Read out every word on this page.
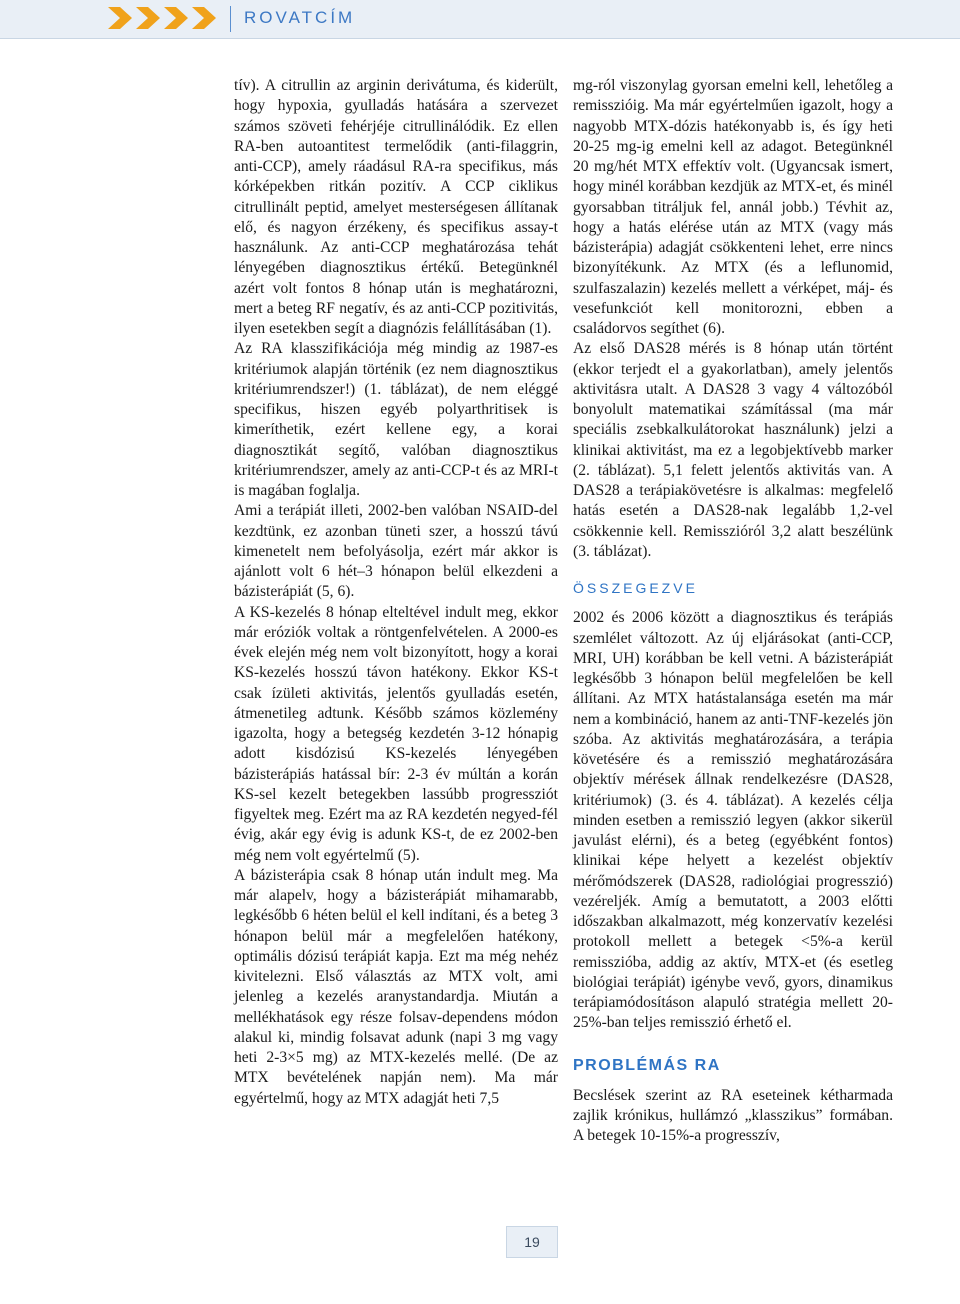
ROVATCÍM

tív). A citrullin az arginin derivátuma, és kiderült, hogy hypoxia, gyulladás hatására a szervezet számos szöveti fehérjéje citrullinálódik. Ez ellen RA-ben autoantitest termelődik (anti-filaggrin, anti-CCP), amely ráadásul RA-ra specifikus, más kórképekben ritkán pozitív. A CCP ciklikus citrullinált peptid, amelyet mesterségesen állítanak elő, és nagyon érzékeny, és specifikus assay-t használunk. Az anti-CCP meghatározása tehát lényegében diagnosztikus értékű. Betegünknél azért volt fontos 8 hónap után is meghatározni, mert a beteg RF negatív, és az anti-CCP pozitivitás, ilyen esetekben segít a diagnózis felállításában (1).

Az RA klasszifikációja még mindig az 1987-es kritériumok alapján történik (ez nem diagnosztikus kritériumrendszer!) (1. táblázat), de nem eléggé specifikus, hiszen egyéb polyarthritisek is kimeríthetik, ezért kellene egy, a korai diagnosztikát segítő, valóban diagnosztikus kritériumrendszer, amely az anti-CCP-t és az MRI-t is magában foglalja.

Ami a terápiát illeti, 2002-ben valóban NSAID-del kezdtünk, ez azonban tüneti szer, a hosszú távú kimenetelt nem befolyásolja, ezért már akkor is ajánlott volt 6 hét–3 hónapon belül elkezdeni a bázisterápiát (5, 6).

A KS-kezelés 8 hónap elteltével indult meg, ekkor már eróziók voltak a röntgenfelvételen. A 2000-es évek elején még nem volt bizonyított, hogy a korai KS-kezelés hosszú távon hatékony. Ekkor KS-t csak ízületi aktivitás, jelentős gyulladás esetén, átmenetileg adtunk. Később számos közlemény igazolta, hogy a betegség kezdetén 3-12 hónapig adott kisdózisú KS-kezelés lényegében bázisterápiás hatással bír: 2-3 év múltán a korán KS-sel kezelt betegekben lassúbb progressziót figyeltek meg. Ezért ma az RA kezdetén negyed-fél évig, akár egy évig is adunk KS-t, de ez 2002-ben még nem volt egyértelmű (5).

A bázisterápia csak 8 hónap után indult meg. Ma már alapelv, hogy a bázisterápiát mihamarabb, legkésőbb 6 héten belül el kell indítani, és a beteg 3 hónapon belül már a megfelelően hatékony, optimális dózisú terápiát kapja. Ezt ma még nehéz kivitelezni. Első választás az MTX volt, ami jelenleg a kezelés aranystandardja. Miután a mellékhatások egy része folsav-dependens módon alakul ki, mindig folsavat adunk (napi 3 mg vagy heti 2-3×5 mg) az MTX-kezelés mellé. (De az MTX bevételének napján nem). Ma már egyértelmű, hogy az MTX adagját heti 7,5

mg-ról viszonylag gyorsan emelni kell, lehetőleg a remisszióig. Ma már egyértelműen igazolt, hogy a nagyobb MTX-dózis hatékonyabb is, és így heti 20-25 mg-ig emelni kell az adagot. Betegünknél 20 mg/hét MTX effektív volt. (Ugyancsak ismert, hogy minél korábban kezdjük az MTX-et, és minél gyorsabban titráljuk fel, annál jobb.) Tévhit az, hogy a hatás elérése után az MTX (vagy más bázisterápia) adagját csökkenteni lehet, erre nincs bizonyítékunk. Az MTX (és a leflunomid, szulfaszalazin) kezelés mellett a vérképet, máj- és vesefunkciót kell monitorozni, ebben a családorvos segíthet (6).

Az első DAS28 mérés is 8 hónap után történt (ekkor terjedt el a gyakorlatban), amely jelentős aktivitásra utalt. A DAS28 3 vagy 4 változóból bonyolult matematikai számítással (ma már speciális zsebkalkulátorokat használunk) jelzi a klinikai aktivitást, ma ez a legobjektívebb marker (2. táblázat). 5,1 felett jelentős aktivitás van. A DAS28 a terápiakövetésre is alkalmas: megfelelő hatás esetén a DAS28-nak legalább 1,2-vel csökkennie kell. Remisszióról 3,2 alatt beszélünk (3. táblázat).

ÖSSZEGEZVE

2002 és 2006 között a diagnosztikus és terápiás szemlélet változott. Az új eljárásokat (anti-CCP, MRI, UH) korábban be kell vetni. A bázisterápiát legkésőbb 3 hónapon belül megfelelően be kell állítani. Az MTX hatástalansága esetén ma már nem a kombináció, hanem az anti-TNF-kezelés jön szóba. Az aktivitás meghatározására, a terápia követésére és a remisszió meghatározására objektív mérések állnak rendelkezésre (DAS28, kritériumok) (3. és 4. táblázat). A kezelés célja minden esetben a remisszió legyen (akkor sikerül javulást elérni), és a beteg (egyébként fontos) klinikai képe helyett a kezelést objektív mérőmódszerek (DAS28, radiológiai progresszió) vezéreljék. Amíg a bemutatott, a 2003 előtti időszakban alkalmazott, még konzervatív kezelési protokoll mellett a betegek <5%-a kerül remisszióba, addig az aktív, MTX-et (és esetleg biológiai terápiát) igénybe vevő, gyors, dinamikus terápiamódosításon alapuló stratégia mellett 20-25%-ban teljes remisszió érhető el.

PROBLÉMÁS RA

Becslések szerint az RA eseteinek kétharmada zajlik krónikus, hullámzó „klasszikus” formában. A betegek 10-15%-a progresszív,

19
